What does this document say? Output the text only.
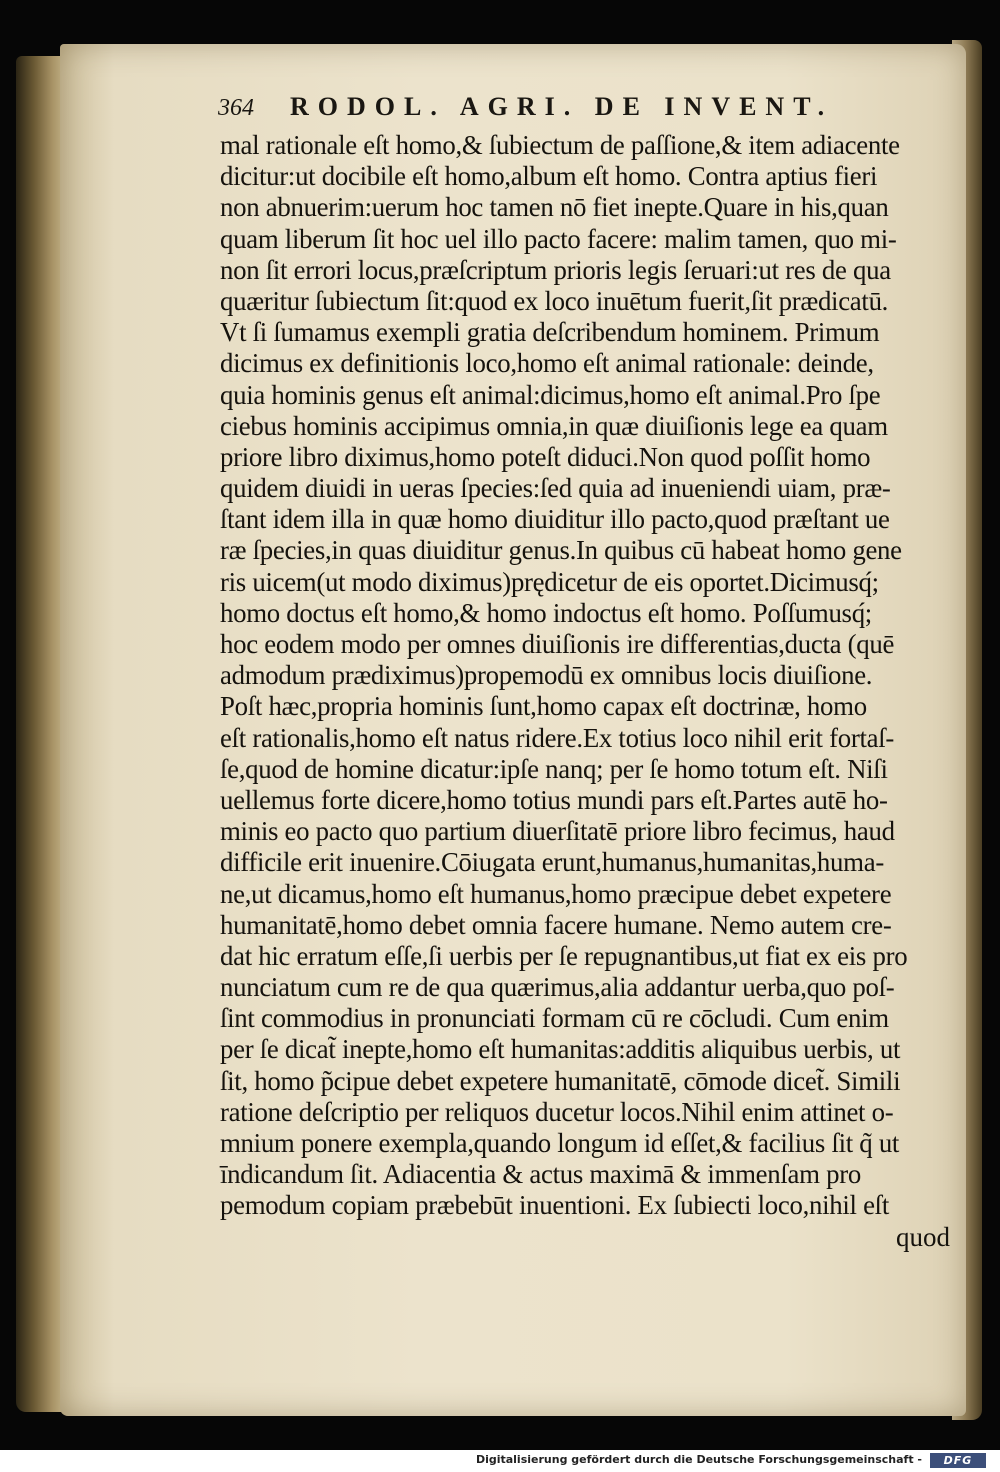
364	RODOL. AGRI. DE INVENT.
mal rationale eſt homo,& ſubiectum de paſſione,& item adiacente
dicitur:ut docibile eſt homo,album eſt homo. Contra aptius fieri
non abnuerim:uerum hoc tamen nō fiet inepte.Quare in his,quan
quam liberum ſit hoc uel illo pacto facere: malim tamen, quo mi-
non ſit errori locus,præſcriptum prioris legis ſeruari:ut res de qua
quæritur ſubiectum ſit:quod ex loco inuētum fuerit,ſit prædicatū.
Vt ſi ſumamus exempli gratia deſcribendum hominem. Primum
dicimus ex definitionis loco,homo eſt animal rationale: deinde,
quia hominis genus eſt animal:dicimus,homo eſt animal.Pro ſpe
ciebus hominis accipimus omnia,in quæ diuiſionis lege ea quam
priore libro diximus,homo poteſt diduci.Non quod poſſit homo
quidem diuidi in ueras ſpecies:ſed quia ad inueniendi uiam, præ-
ſtant idem illa in quæ homo diuiditur illo pacto,quod præſtant ue
ræ ſpecies,in quas diuiditur genus.In quibus cū habeat homo gene
ris uicem(ut modo diximus)prędicetur de eis oportet.Dicimusq́;
homo doctus eſt homo,& homo indoctus eſt homo. Poſſumusq́;
hoc eodem modo per omnes diuiſionis ire differentias,ducta (quē
admodum prædiximus)propemodū ex omnibus locis diuiſione.
Poſt hæc,propria hominis ſunt,homo capax eſt doctrinæ, homo
eſt rationalis,homo eſt natus ridere.Ex totius loco nihil erit fortaſ-
ſe,quod de homine dicatur:ipſe nanq; per ſe homo totum eſt. Niſi
uellemus forte dicere,homo totius mundi pars eſt.Partes autē ho-
minis eo pacto quo partium diuerſitatē priore libro fecimus, haud
difficile erit inuenire.Cōiugata erunt,humanus,humanitas,huma-
ne,ut dicamus,homo eſt humanus,homo præcipue debet expetere
humanitatē,homo debet omnia facere humane. Nemo autem cre-
dat hic erratum eſſe,ſi uerbis per ſe repugnantibus,ut fiat ex eis pro
nunciatum cum re de qua quærimus,alia addantur uerba,quo poſ-
ſint commodius in pronunciati formam cū re cōcludi. Cum enim
per ſe dicat̃ inepte,homo eſt humanitas:additis aliquibus uerbis, ut
ſit, homo p̃cipue debet expetere humanitatē, cōmode dicet̃. Simili
ratione deſcriptio per reliquos ducetur locos.Nihil enim attinet o-
mnium ponere exempla,quando longum id eſſet,& facilius ſit q̃ ut
īndicandum ſit. Adiacentia & actus maximā & immenſam pro
pemodum copiam præbebūt inuentioni. Ex ſubiecti loco,nihil eſt
quod
Digitalisierung gefördert durch die Deutsche Forschungsgemeinschaft -	DFG
